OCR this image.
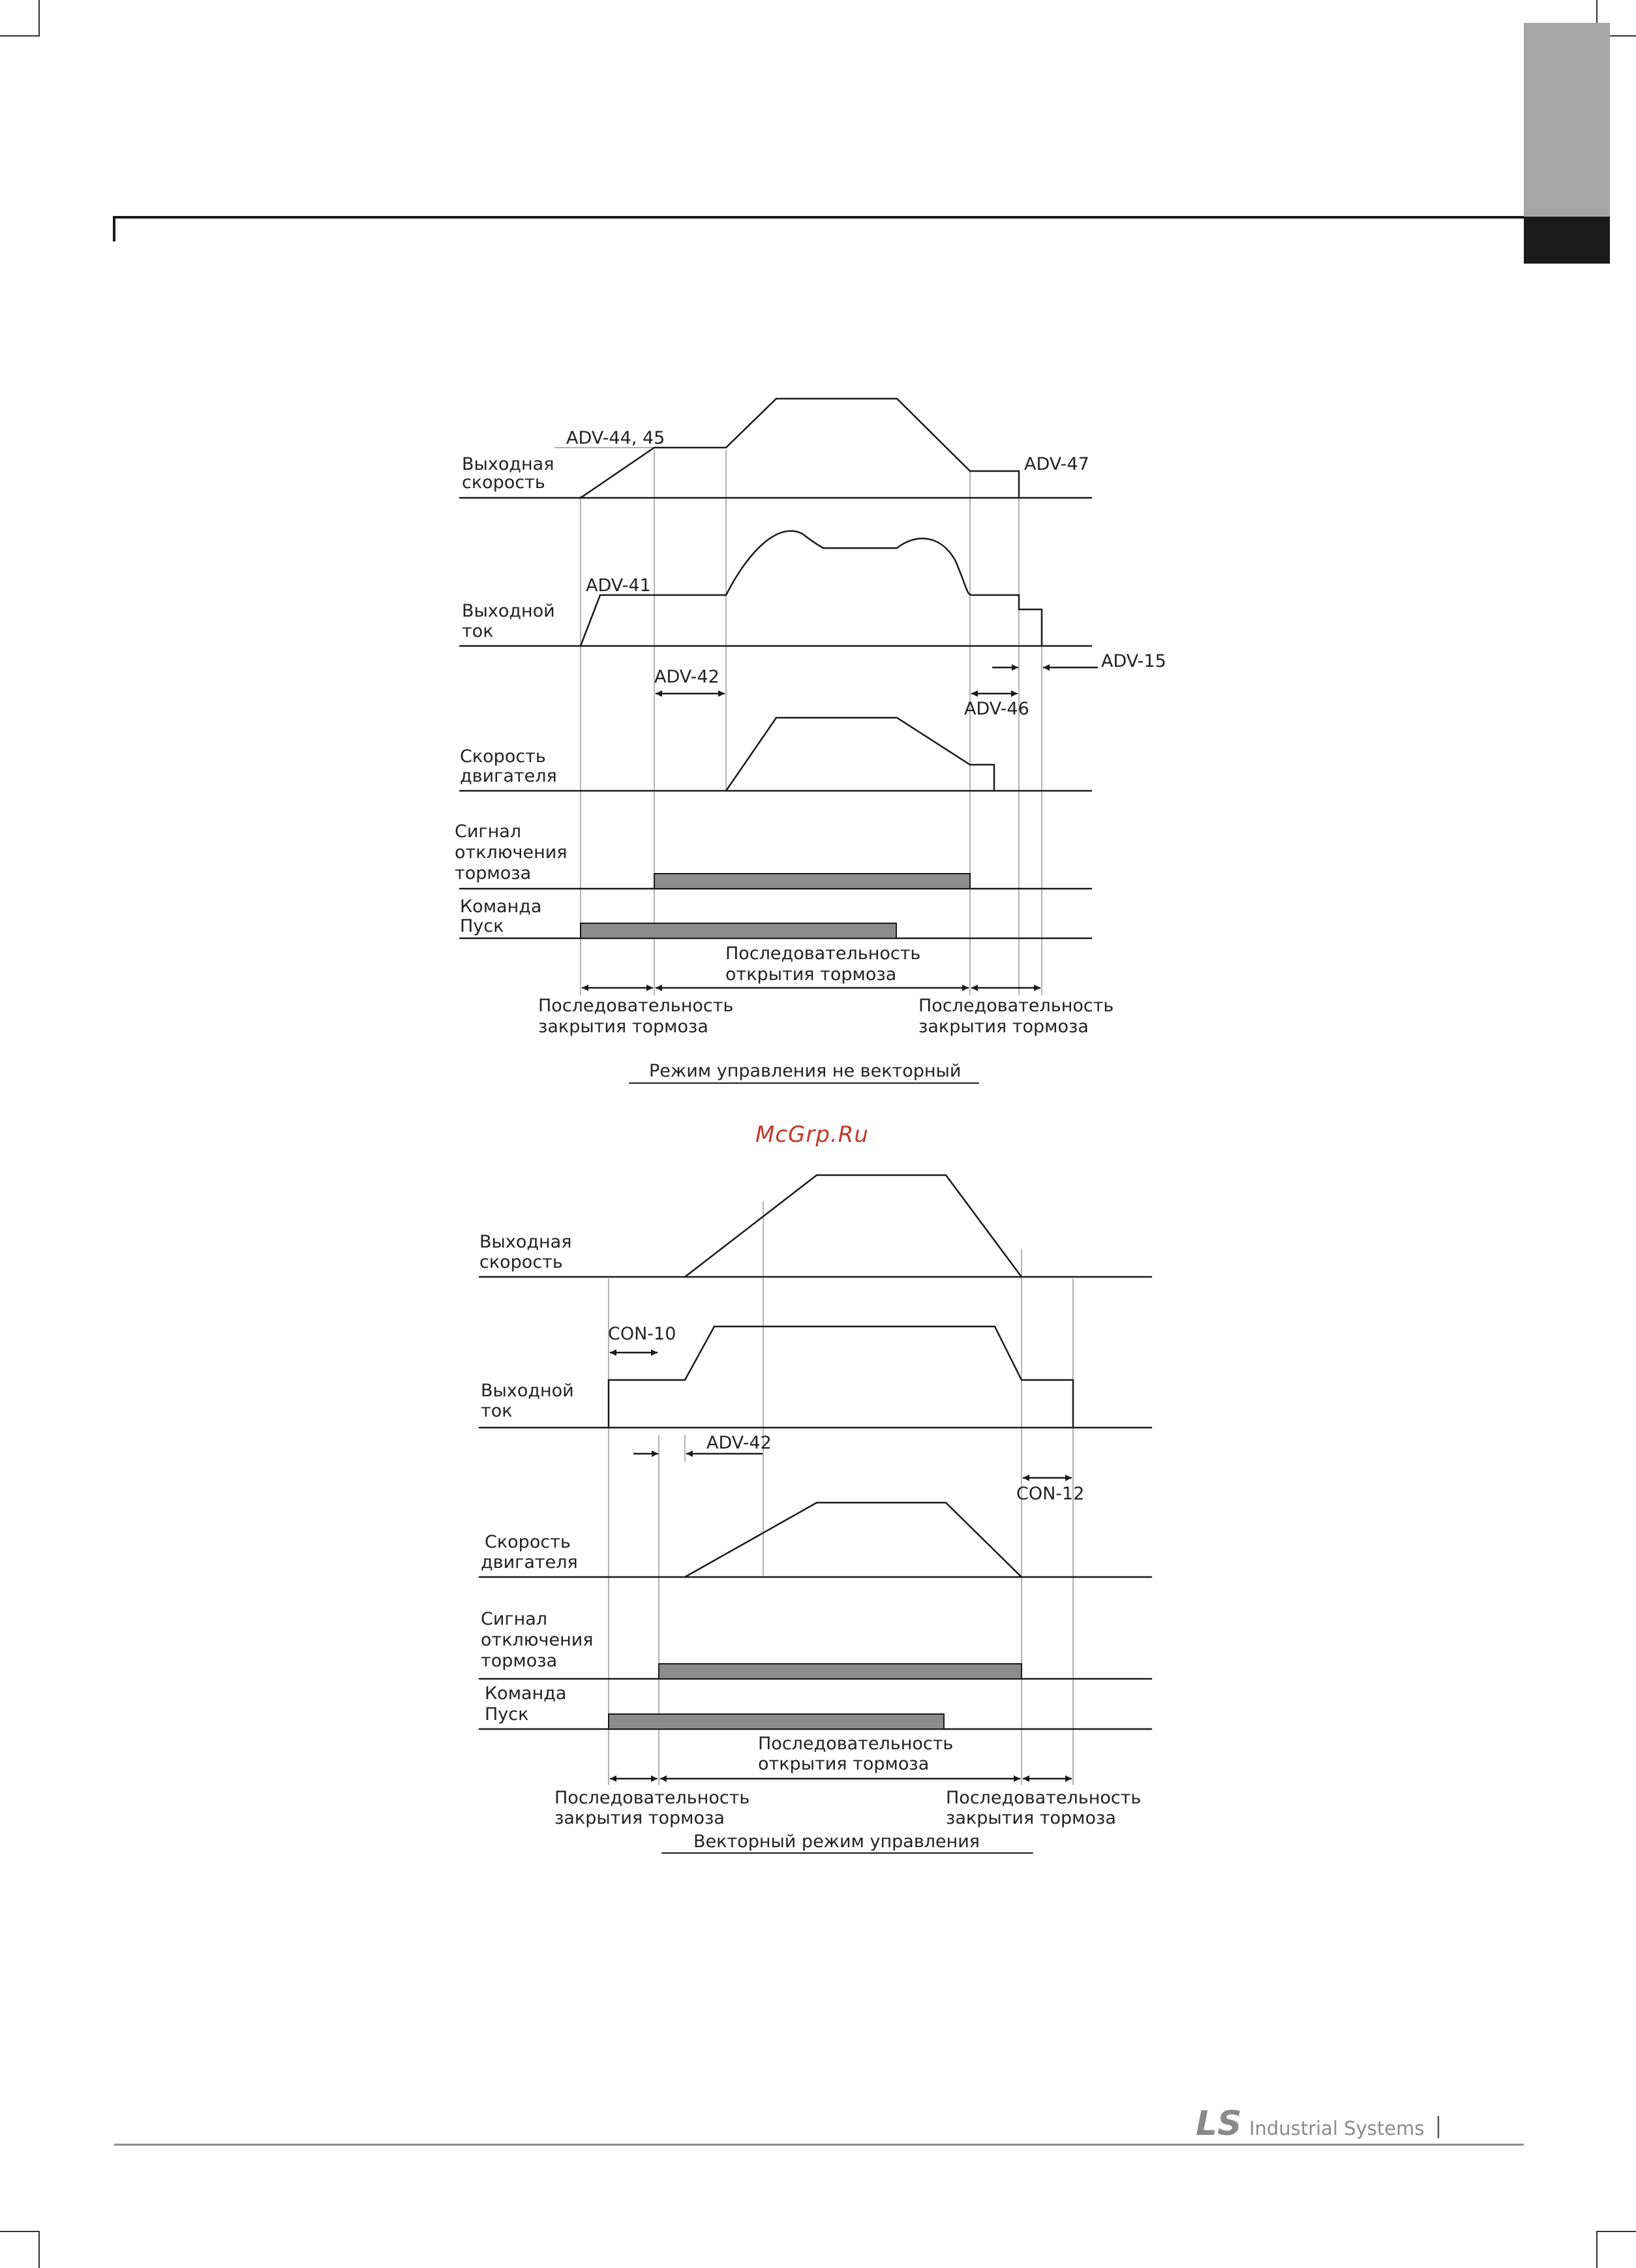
Выходная скорость
Выходной ток
Скорость двигателя
Сигнал отключения тормоза
Команда Пуск
ADV-44, 45
ADV-47
ADV-41
ADV-42
ADV-46
ADV-15
Последовательность открытия тормоза
Последовательность закрытия тормоза
Последовательность закрытия тормоза
Режим управления не векторный
McGrp.Ru
Выходная скорость
Выходной ток
Скорость двигателя
Сигнал отключения тормоза
Команда Пуск
CON-10
ADV-42
CON-12
Последовательность открытия тормоза
Последовательность закрытия тормоза
Последовательность закрытия тормоза
Векторный режим управления
LS Industrial Systems
